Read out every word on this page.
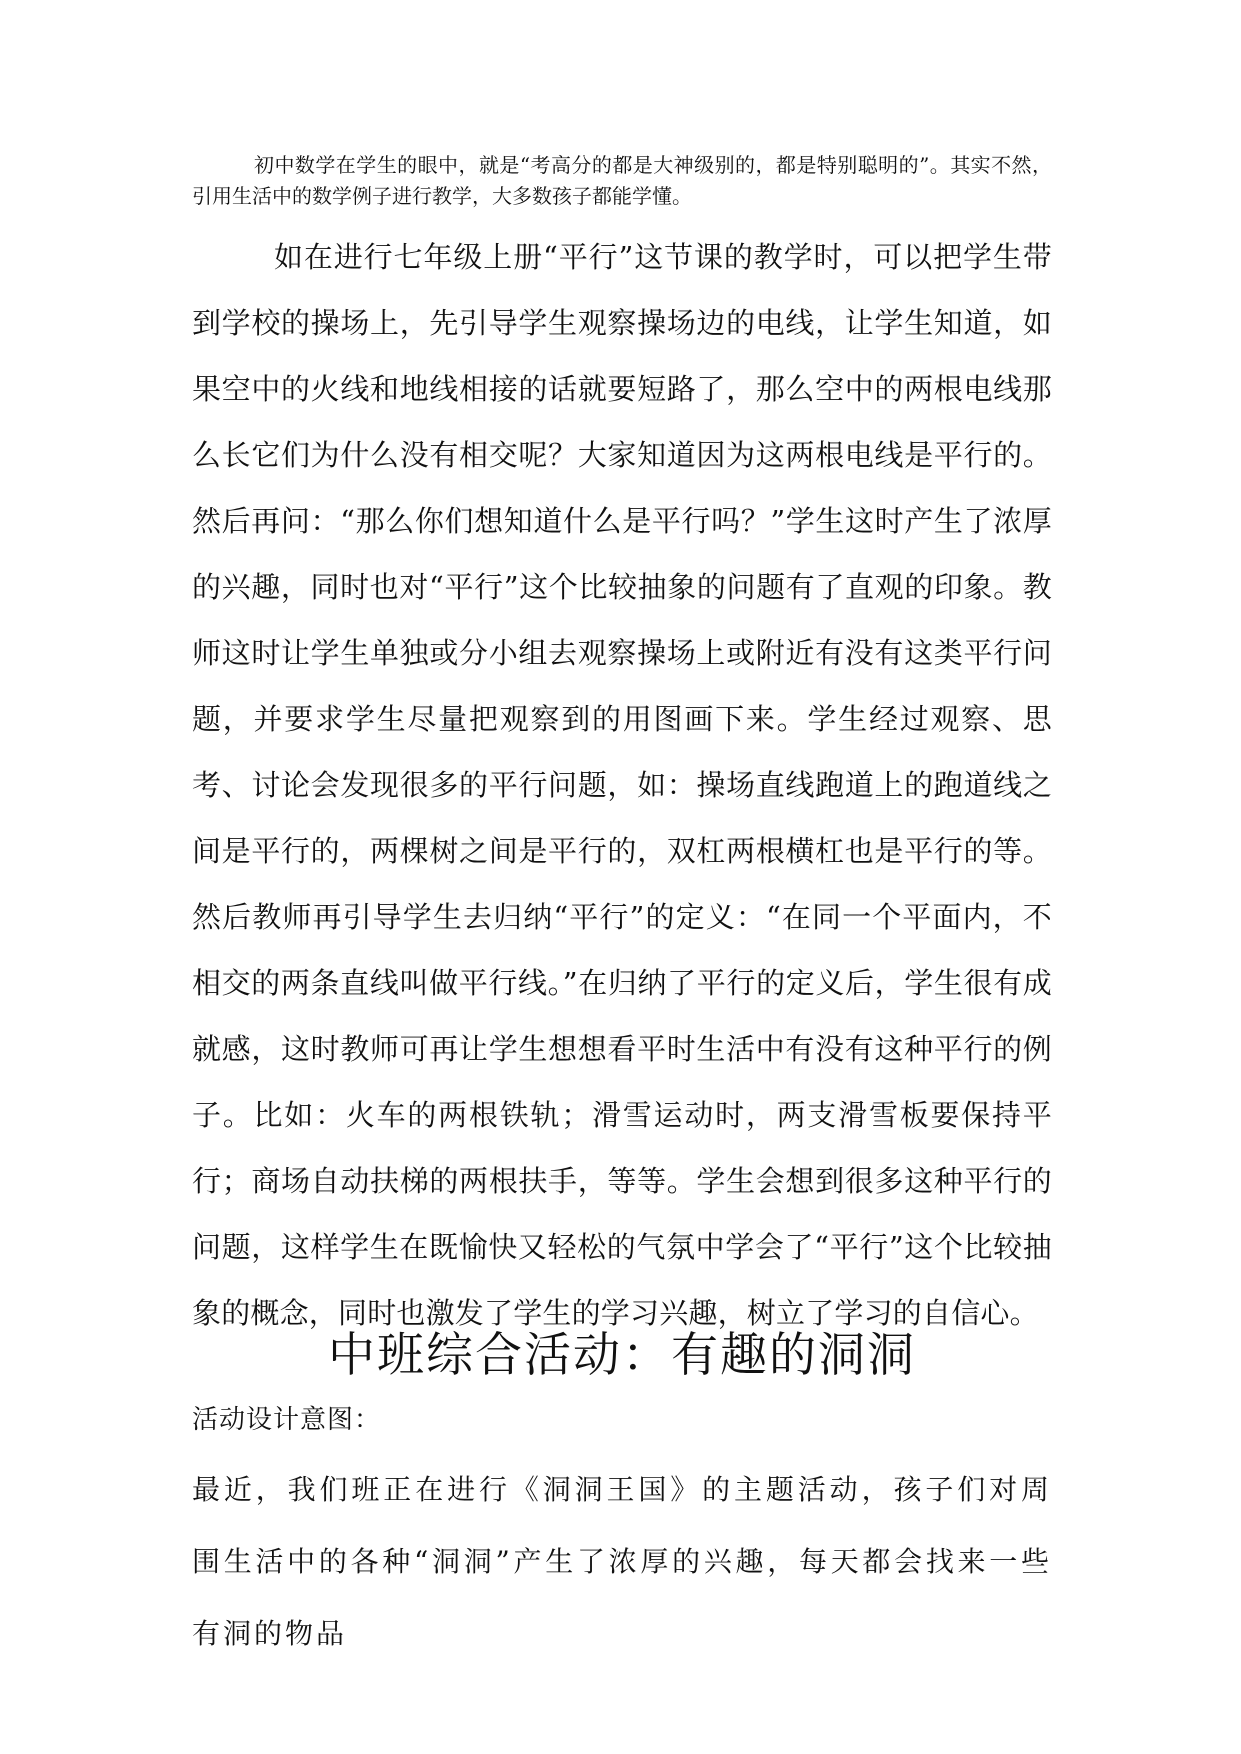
初中数学在学生的眼中，就是“考高分的都是大神级别的，都是特别聪明的”。其实不然，引用生活中的数学例子进行教学，大多数孩子都能学懂。

如在进行七年级上册“平行”这节课的教学时，可以把学生带到学校的操场上，先引导学生观察操场边的电线，让学生知道，如果空中的火线和地线相接的话就要短路了，那么空中的两根电线那么长它们为什么没有相交呢？大家知道因为这两根电线是平行的。然后再问：“那么你们想知道什么是平行吗？”学生这时产生了浓厚的兴趣，同时也对“平行”这个比较抽象的问题有了直观的印象。教师这时让学生单独或分小组去观察操场上或附近有没有这类平行问题，并要求学生尽量把观察到的用图画下来。学生经过观察、思考、讨论会发现很多的平行问题，如：操场直线跑道上的跑道线之间是平行的，两棵树之间是平行的，双杠两根横杠也是平行的等。然后教师再引导学生去归纳“平行”的定义：“在同一个平面内，不相交的两条直线叫做平行线。”在归纳了平行的定义后，学生很有成就感，这时教师可再让学生想想看平时生活中有没有这种平行的例子。比如：火车的两根铁轨；滑雪运动时，两支滑雪板要保持平行；商场自动扶梯的两根扶手，等等。学生会想到很多这种平行的问题，这样学生在既愉快又轻松的气氛中学会了“平行”这个比较抽象的概念，同时也激发了学生的学习兴趣，树立了学习的自信心。

中班综合活动：有趣的洞洞

活动设计意图：

最近，我们班正在进行《洞洞王国》的主题活动，孩子们对周围生活中的各种“洞洞”产生了浓厚的兴趣，每天都会找来一些有洞的物品
